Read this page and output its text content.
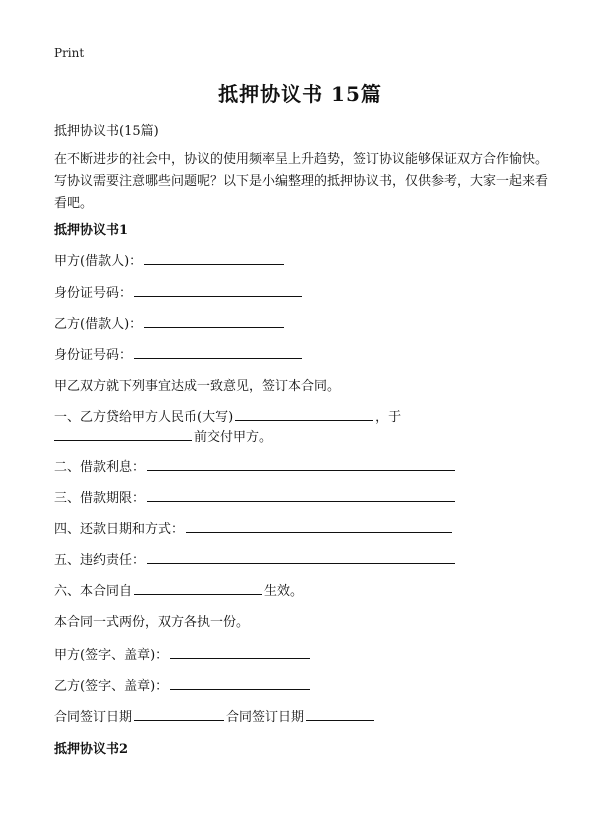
Print
抵押协议书 15篇
抵押协议书(15篇)
在不断进步的社会中，协议的使用频率呈上升趋势，签订协议能够保证双方合作愉快。写协议需要注意哪些问题呢？以下是小编整理的抵押协议书，仅供参考，大家一起来看看吧。
抵押协议书1
甲方(借款人)：
身份证号码：
乙方(借款人)：
身份证号码：
甲乙双方就下列事宜达成一致意见，签订本合同。
一、乙方贷给甲方人民币(大写)	，于
前交付甲方。
二、借款利息：
三、借款期限：
四、还款日期和方式：
五、违约责任：
六、本合同自	生效。
本合同一式两份，双方各执一份。
甲方(签字、盖章)：
乙方(签字、盖章)：
合同签订日期	合同签订日期
抵押协议书2
